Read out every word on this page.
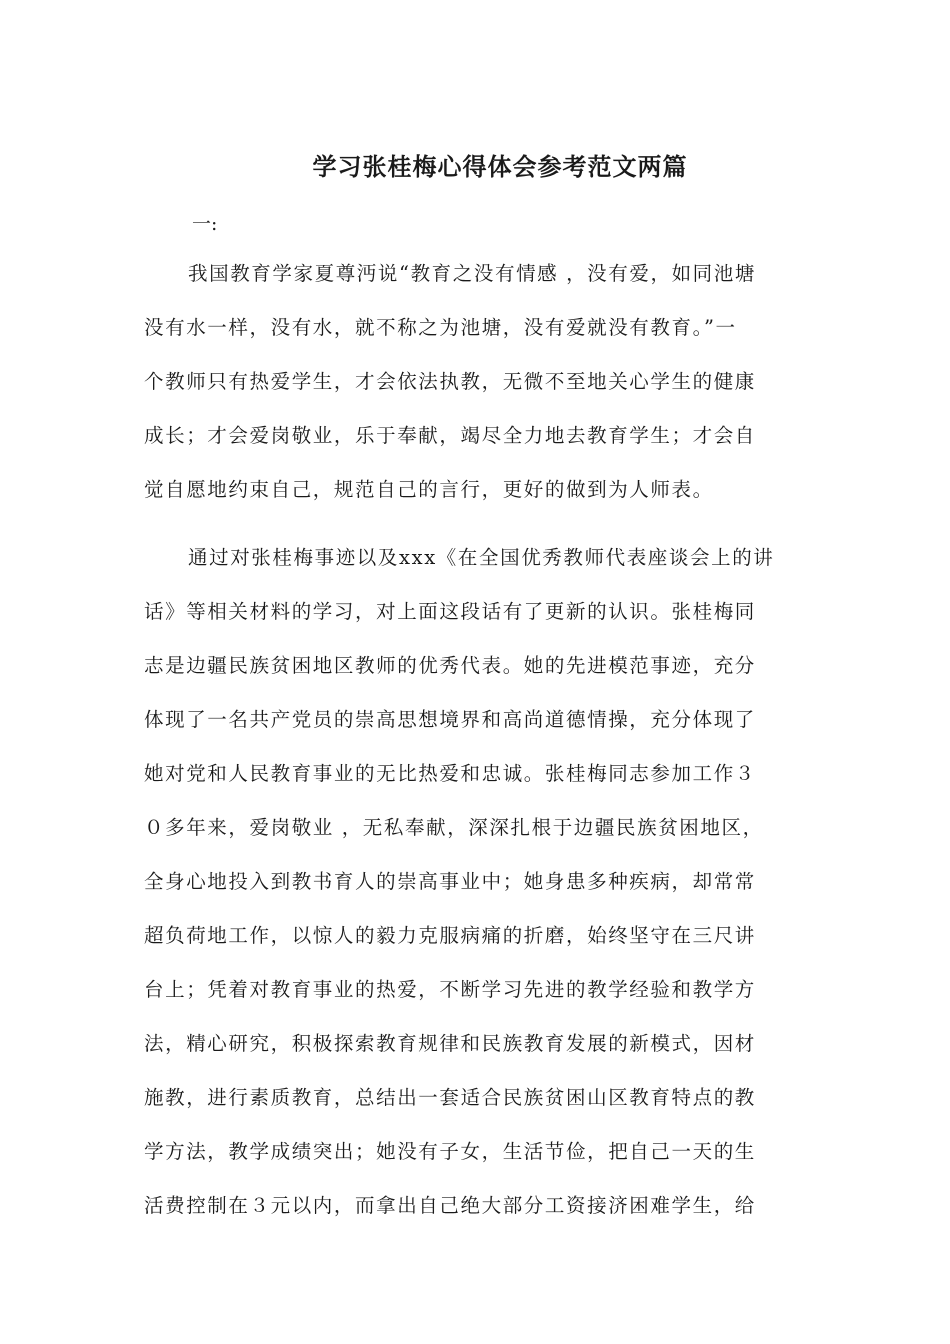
学习张桂梅心得体会参考范文两篇

一:

我国教育学家夏尊沔说“教育之没有情感 ，没有爱，如同池塘
没有水一样，没有水，就不称之为池塘，没有爱就没有教育。”一
个教师只有热爱学生，才会依法执教，无微不至地关心学生的健康
成长；才会爱岗敬业，乐于奉献，竭尽全力地去教育学生；才会自
觉自愿地约束自己，规范自己的言行，更好的做到为人师表。
通过对张桂梅事迹以及xxx《在全国优秀教师代表座谈会上的讲
话》等相关材料的学习，对上面这段话有了更新的认识。张桂梅同
志是边疆民族贫困地区教师的优秀代表。她的先进模范事迹，充分
体现了一名共产党员的崇高思想境界和高尚道德情操，充分体现了
她对党和人民教育事业的无比热爱和忠诚。张桂梅同志参加工作３
０多年来，爱岗敬业 ，无私奉献，深深扎根于边疆民族贫困地区，
全身心地投入到教书育人的崇高事业中；她身患多种疾病，却常常
超负荷地工作，以惊人的毅力克服病痛的折磨，始终坚守在三尺讲
台上；凭着对教育事业的热爱，不断学习先进的教学经验和教学方
法，精心研究，积极探索教育规律和民族教育发展的新模式，因材
施教，进行素质教育，总结出一套适合民族贫困山区教育特点的教
学方法，教学成绩突出；她没有子女，生活节俭，把自己一天的生
活费控制在３元以内，而拿出自己绝大部分工资接济困难学生，给
